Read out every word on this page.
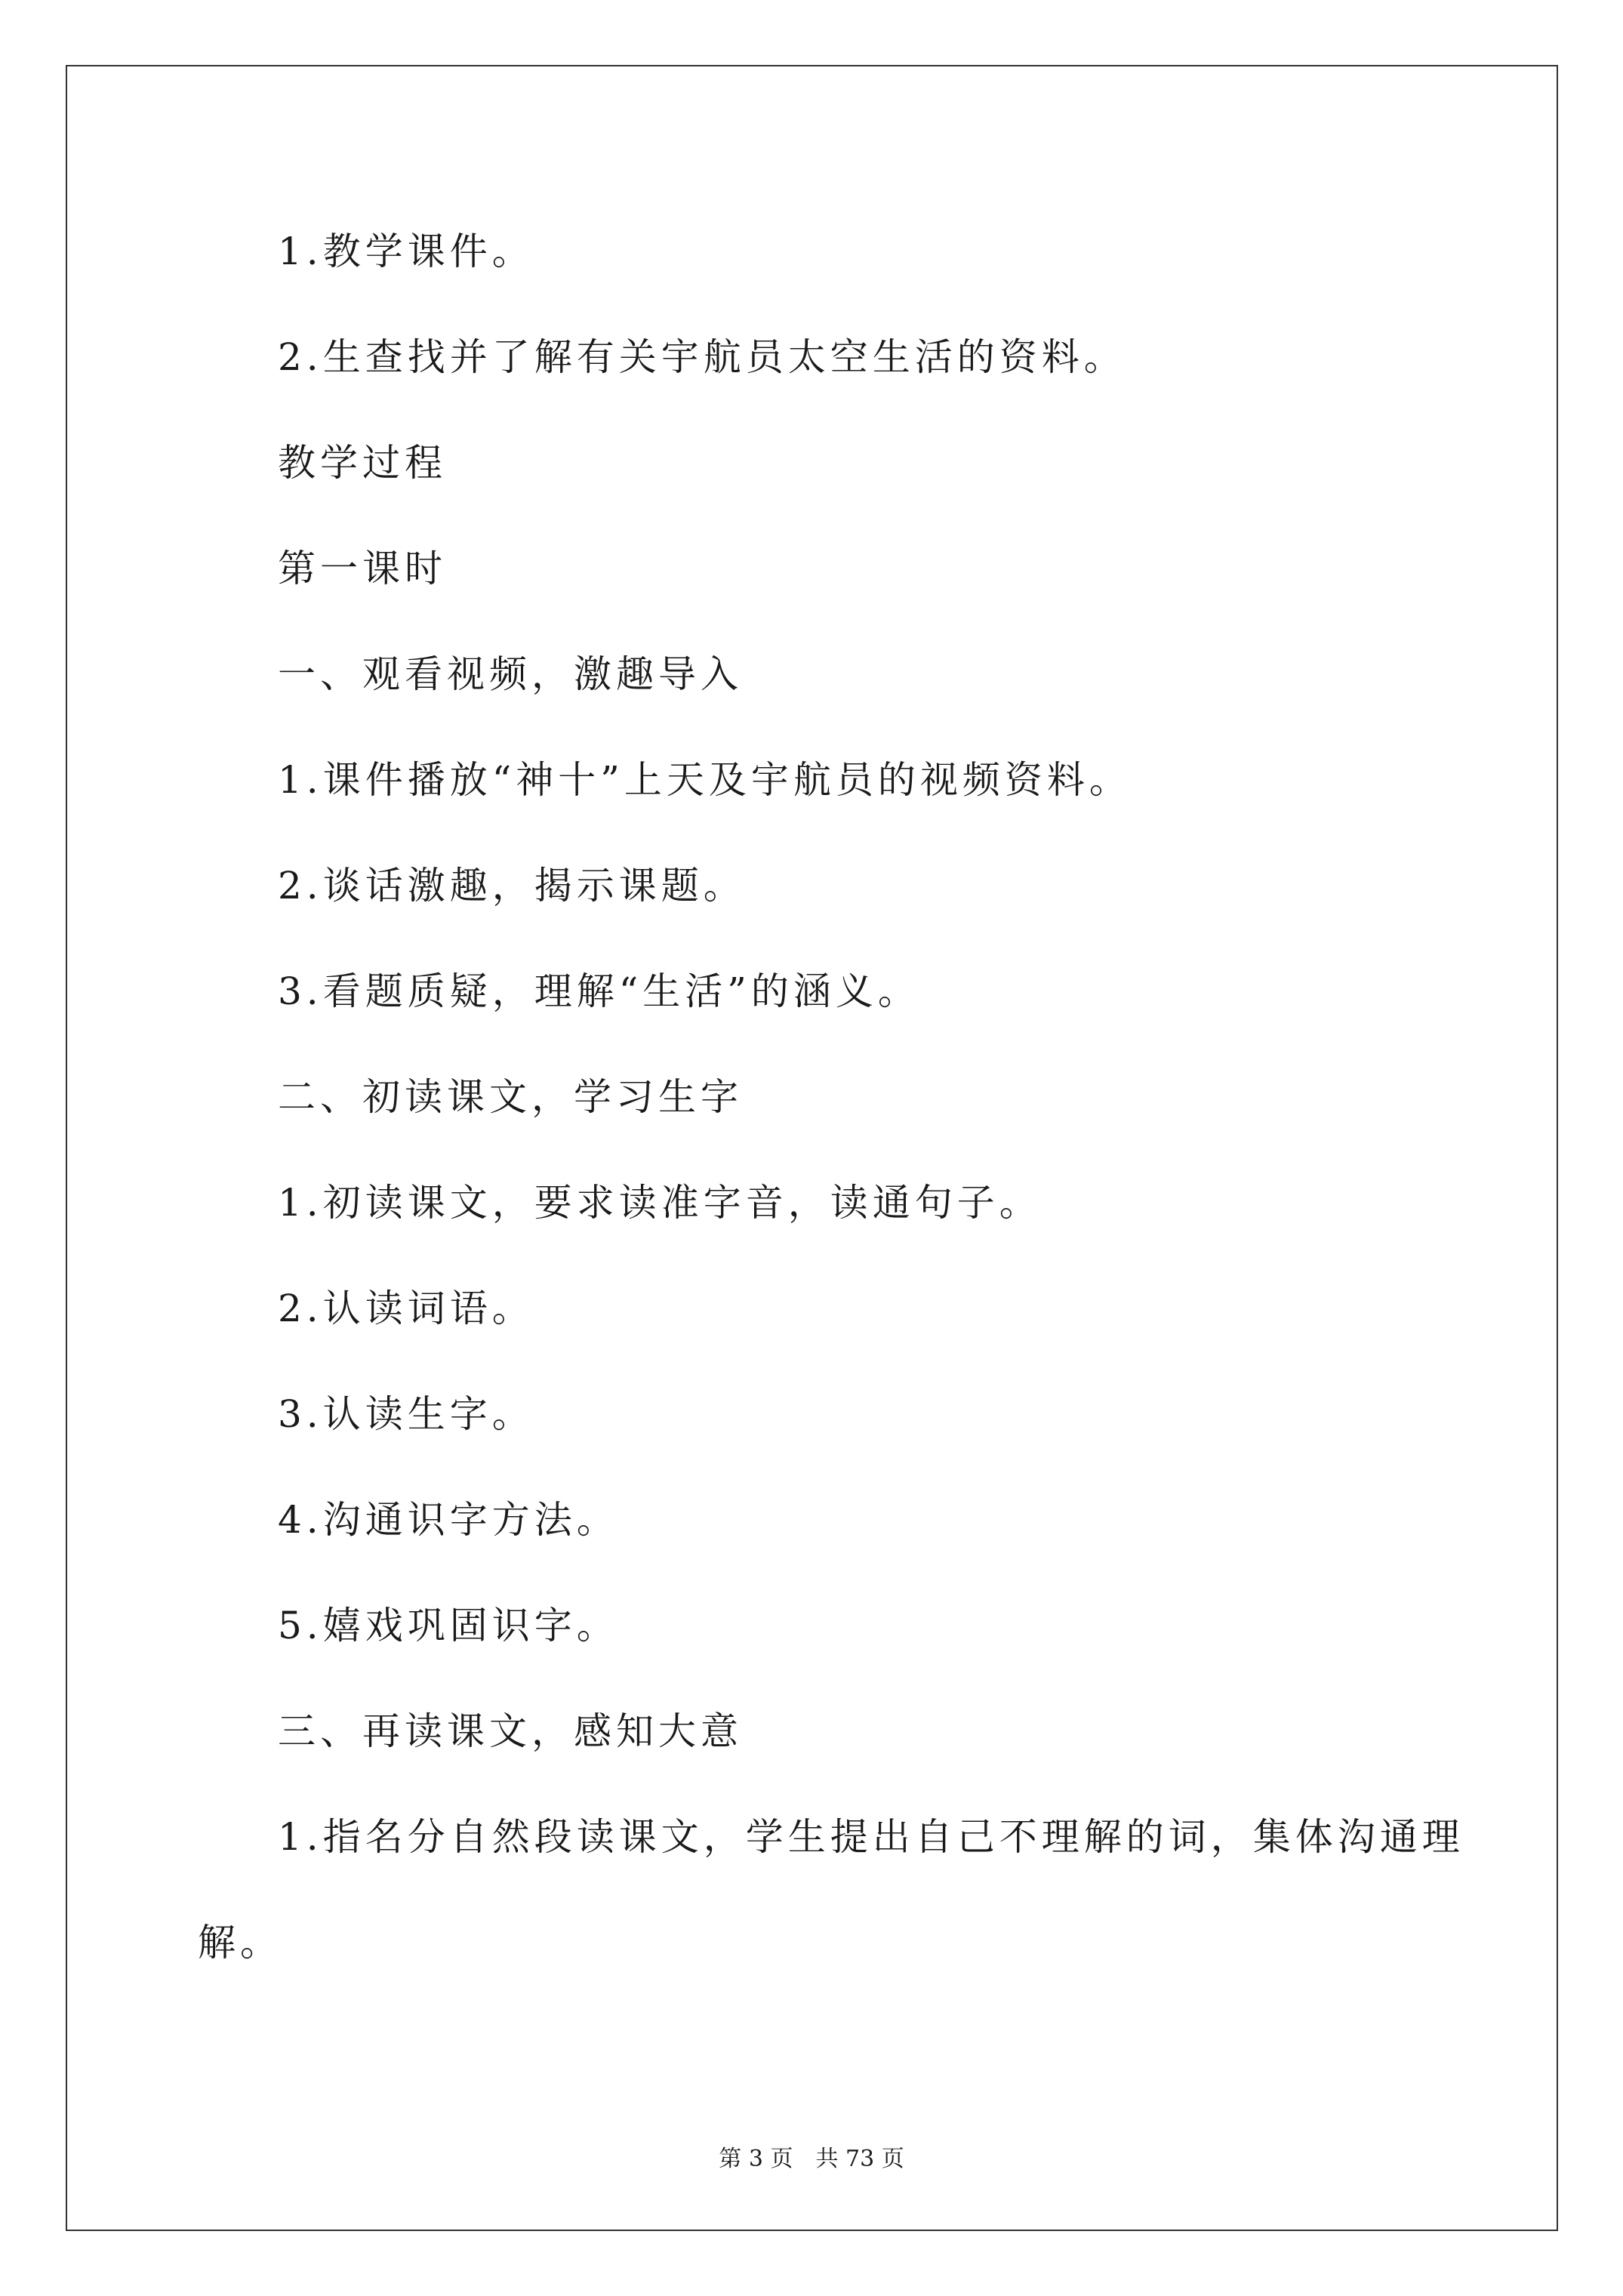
1.教学课件。
2.生查找并了解有关宇航员太空生活的资料。
教学过程
第一课时
一、观看视频，激趣导入
1.课件播放“神十”上天及宇航员的视频资料。
2.谈话激趣，揭示课题。
3.看题质疑，理解“生活”的涵义。
二、初读课文，学习生字
1.初读课文，要求读准字音，读通句子。
2.认读词语。
3.认读生字。
4.沟通识字方法。
5.嬉戏巩固识字。
三、再读课文，感知大意
1.指名分自然段读课文，学生提出自己不理解的词，集体沟通理
解。
第 3 页　共 73 页
